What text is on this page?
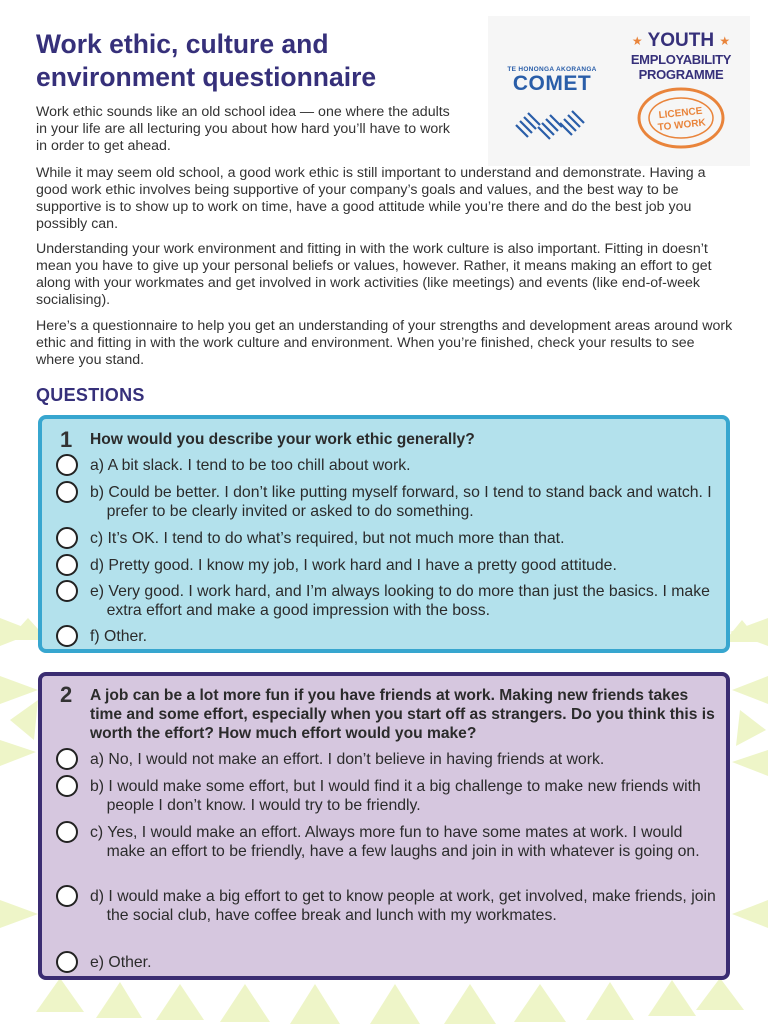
Work ethic, culture and environment questionnaire	TE HONONGA AKORANGA
COMET
★ YOUTH ★
EMPLOYABILITY
PROGRAMME
LICENCE
TO WORK

Work ethic sounds like an old school idea — one where the adults in your life are all lecturing you about how hard you’ll have to work in order to get ahead.

While it may seem old school, a good work ethic is still important to understand and demonstrate. Having a good work ethic involves being supportive of your company’s goals and values, and the best way to be supportive is to show up to work on time, have a good attitude while you’re there and do the best job you possibly can.

Understanding your work environment and fitting in with the work culture is also important. Fitting in doesn’t mean you have to give up your personal beliefs or values, however. Rather, it means making an effort to get along with your workmates and get involved in work activities (like meetings) and events (like end-of-week socialising).

Here’s a questionnaire to help you get an understanding of your strengths and development areas around work ethic and fitting in with the work culture and environment. When you’re finished, check your results to see where you stand.

QUESTIONS
1 How would you describe your work ethic generally?
a) A bit slack. I tend to be too chill about work.
b) Could be better. I don’t like putting myself forward, so I tend to stand back and watch. I prefer to be clearly invited or asked to do something.
c) It’s OK. I tend to do what’s required, but not much more than that.
d) Pretty good. I know my job, I work hard and I have a pretty good attitude.
e) Very good. I work hard, and I’m always looking to do more than just the basics. I make extra effort and make a good impression with the boss.
f) Other.
2 A job can be a lot more fun if you have friends at work. Making new friends takes time and some effort, especially when you start off as strangers. Do you think this is worth the effort? How much effort would you make?
a) No, I would not make an effort. I don’t believe in having friends at work.
b) I would make some effort, but I would find it a big challenge to make new friends with people I don’t know. I would try to be friendly.
c) Yes, I would make an effort. Always more fun to have some mates at work. I would make an effort to be friendly, have a few laughs and join in with whatever is going on.
d) I would make a big effort to get to know people at work, get involved, make friends, join the social club, have coffee break and lunch with my workmates.
e) Other.
